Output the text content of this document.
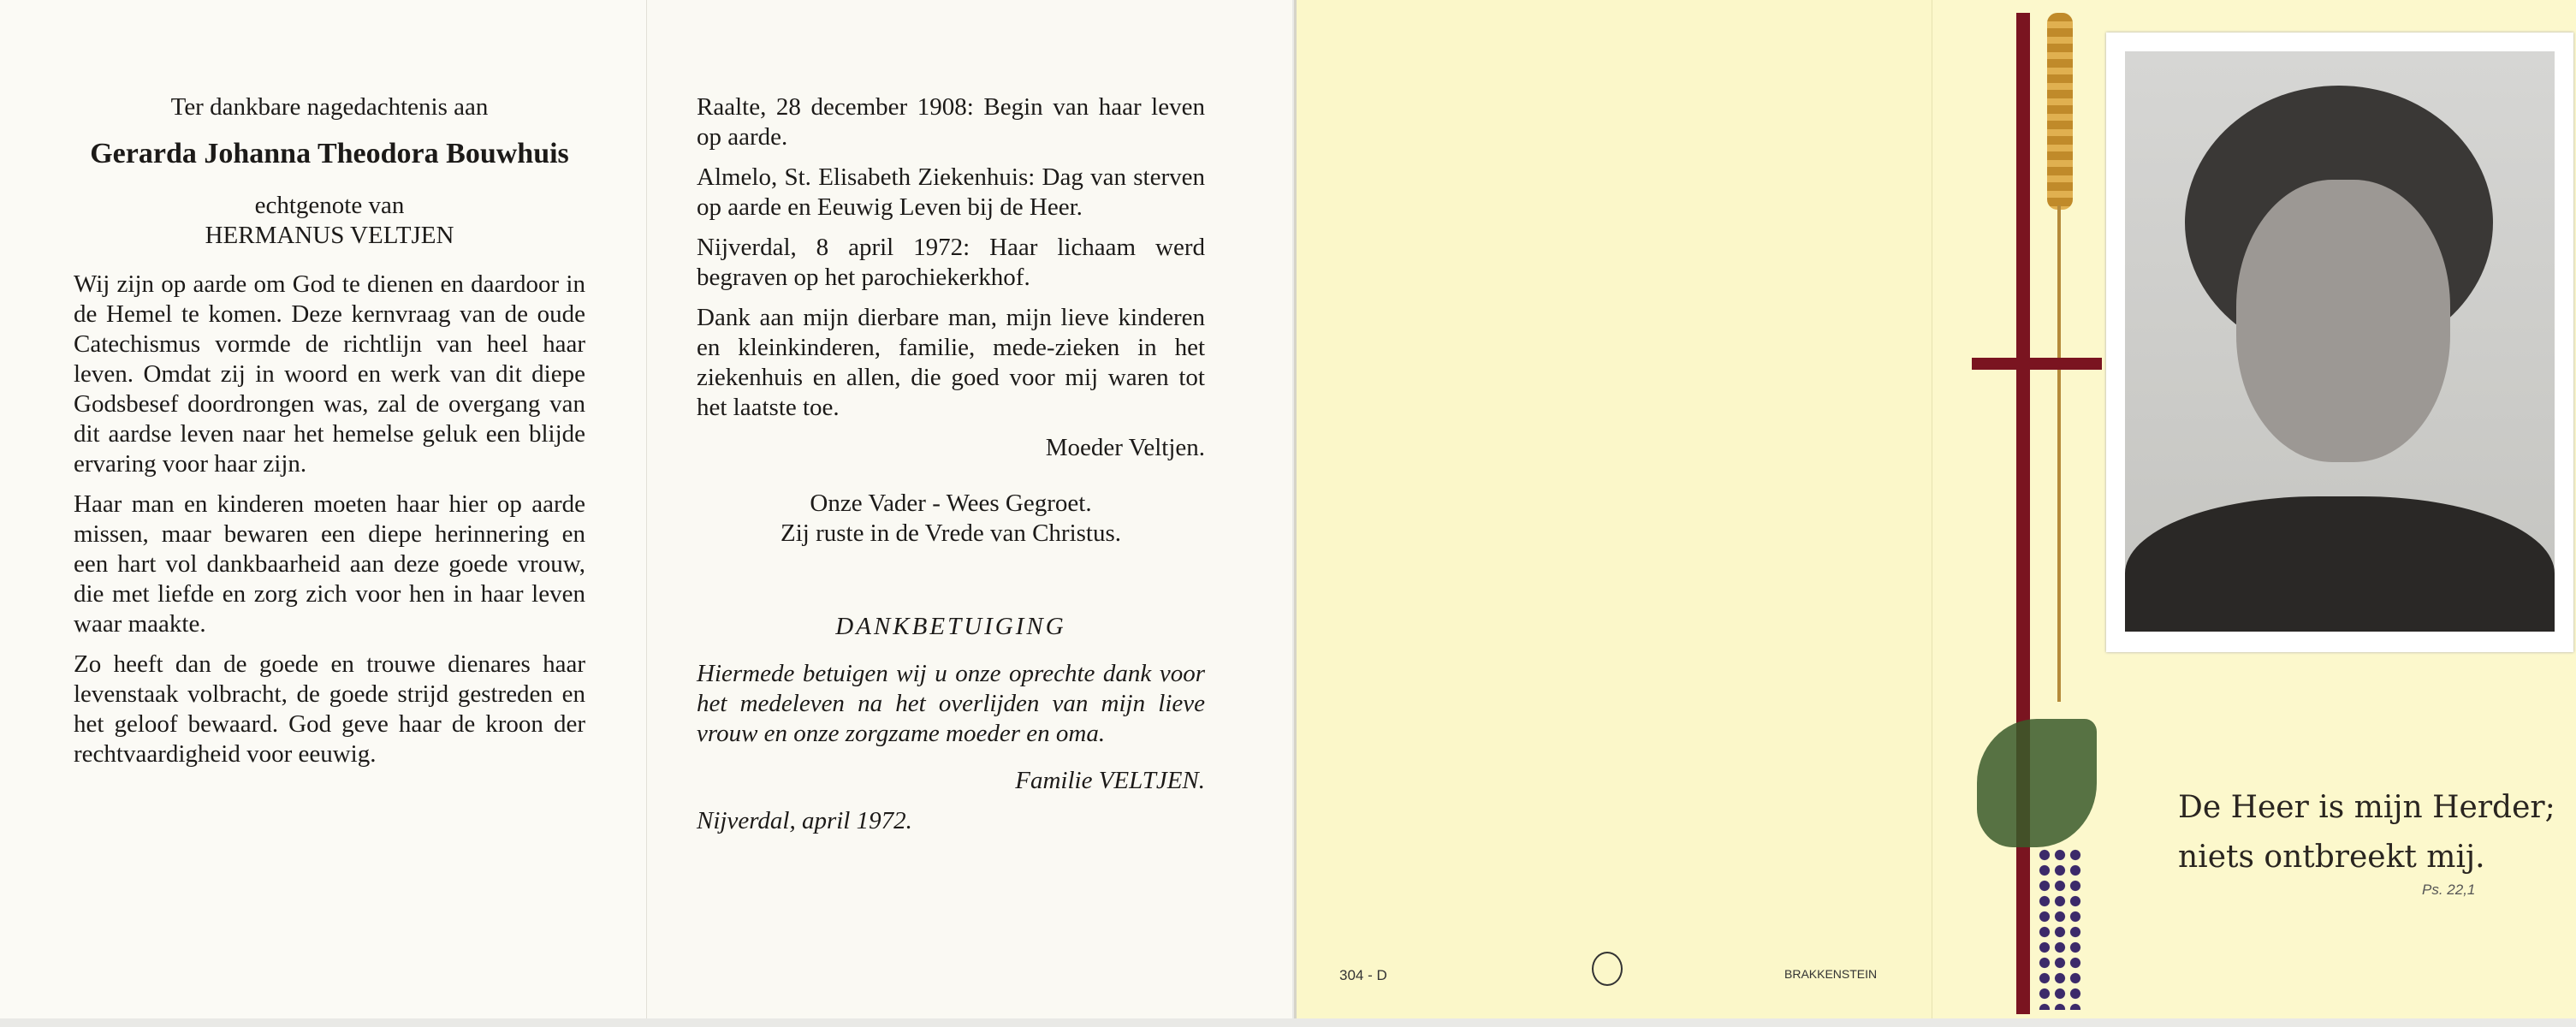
Ter dankbare nagedachtenis aan
Gerarda Johanna Theodora Bouwhuis
echtgenote van
HERMANUS VELTJEN

Wij zijn op aarde om God te dienen en daardoor in de Hemel te komen. Deze kernvraag van de oude Catechismus vormde de richtlijn van heel haar leven. Omdat zij in woord en werk van dit diepe Godsbesef doordrongen was, zal de overgang van dit aardse leven naar het hemelse geluk een blijde ervaring voor haar zijn.

Haar man en kinderen moeten haar hier op aarde missen, maar bewaren een diepe herinnering en een hart vol dankbaarheid aan deze goede vrouw, die met liefde en zorg zich voor hen in haar leven waar maakte.

Zo heeft dan de goede en trouwe dienares haar levenstaak volbracht, de goede strijd gestreden en het geloof bewaard. God geve haar de kroon der rechtvaardigheid voor eeuwig.

Raalte, 28 december 1908: Begin van haar leven op aarde.

Almelo, St. Elisabeth Ziekenhuis: Dag van sterven op aarde en Eeuwig Leven bij de Heer.

Nijverdal, 8 april 1972: Haar lichaam werd begraven op het parochiekerkhof.

Dank aan mijn dierbare man, mijn lieve kinderen en kleinkinderen, familie, mede-zieken in het ziekenhuis en allen, die goed voor mij waren tot het laatste toe.

Moeder Veltjen.

Onze Vader - Wees Gegroet.
Zij ruste in de Vrede van Christus.
DANKBETUIGING

Hiermede betuigen wij u onze oprechte dank voor het medeleven na het overlijden van mijn lieve vrouw en onze zorgzame moeder en oma.

Familie VELTJEN.

Nijverdal, april 1972.
304 - D	BRAKKENSTEIN
De Heer is mijn Herder;
niets ontbreekt mij.
Ps. 22,1
